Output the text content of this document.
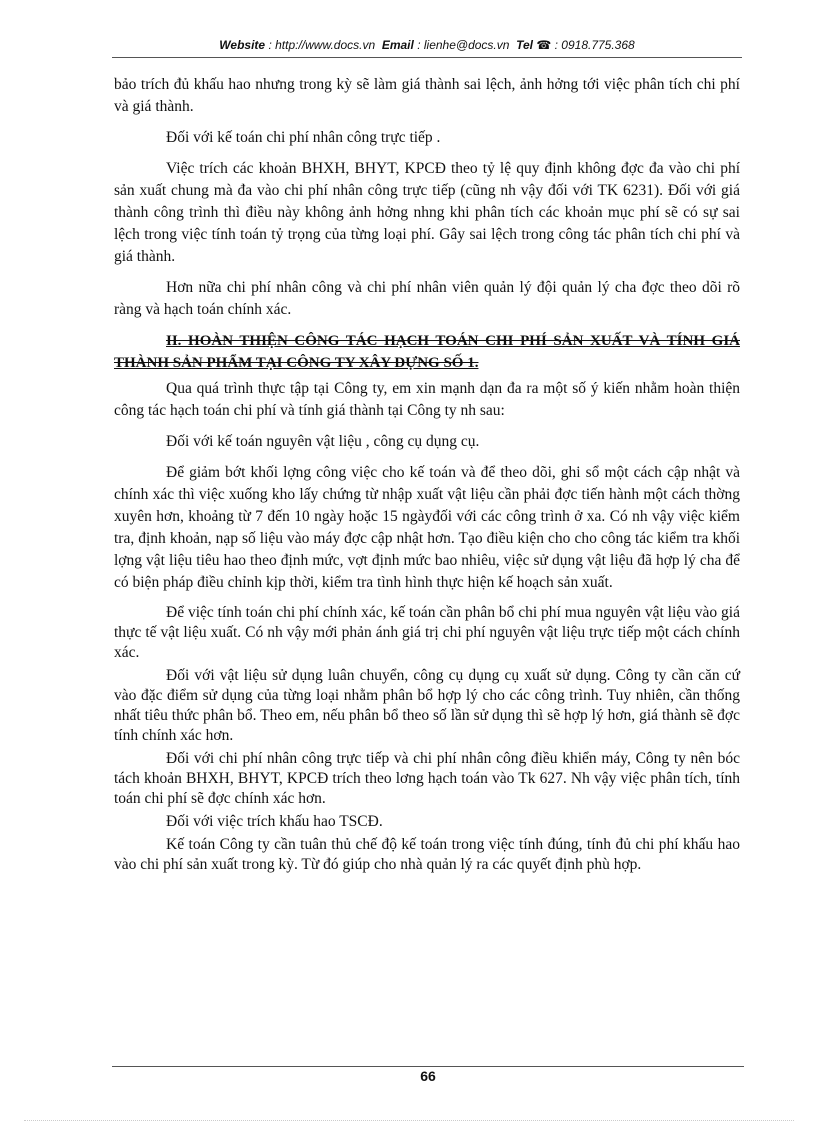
Website : http://www.docs.vn Email : lienhe@docs.vn Tel ☎ : 0918.775.368

bảo trích đủ khấu hao nhưng trong kỳ sẽ làm giá thành sai lệch, ảnh hởng tới việc phân tích chi phí và giá thành.

Đối với kế toán chi phí nhân công trực tiếp .

Việc trích các khoản BHXH, BHYT, KPCĐ theo tỷ lệ quy định không đợc đa vào chi phí sản xuất chung mà đa vào chi phí nhân công trực tiếp (cũng nh vậy đối với TK 6231). Đối với giá thành công trình thì điều này không ảnh hởng nhng khi phân tích các khoản mục phí sẽ có sự sai lệch trong việc tính toán tỷ trọng của từng loại phí. Gây sai lệch trong công tác phân tích chi phí và giá thành.

Hơn nữa chi phí nhân công và chi phí nhân viên quản lý đội quản lý cha đợc theo dõi rõ ràng và hạch toán chính xác.

II. HOÀN THIỆN CÔNG TÁC HẠCH TOÁN CHI PHÍ SẢN XUẤT VÀ TÍNH GIÁ THÀNH SẢN PHẨM TẠI CÔNG TY XÂY DỰNG SỐ 1.

Qua quá trình thực tập tại Công ty, em xin mạnh dạn đa ra một số ý kiến nhằm hoàn thiện công tác hạch toán chi phí và tính giá thành tại Công ty nh sau:

Đối với kế toán nguyên vật liệu , công cụ dụng cụ.

Để giảm bớt khối lợng công việc cho kế toán và để theo dõi, ghi sổ một cách cập nhật và chính xác thì việc xuống kho lấy chứng từ nhập xuất vật liệu cần phải đợc tiến hành một cách thờng xuyên hơn, khoảng từ 7 đến 10 ngày hoặc 15 ngàyđối với các công trình ở xa. Có nh vậy việc kiểm tra, định khoản, nạp số liệu vào máy đợc cập nhật hơn. Tạo điều kiện cho cho công tác kiểm tra khối lợng vật liệu tiêu hao theo định mức, vợt định mức bao nhiêu, việc sử dụng vật liệu đã hợp lý cha để có biện pháp điều chỉnh kịp thời, kiểm tra tình hình thực hiện kế hoạch sản xuất.

Để việc tính toán chi phí chính xác, kế toán cần phân bổ chi phí mua nguyên vật liệu vào giá thực tế vật liệu xuất. Có nh vậy mới phản ánh giá trị chi phí nguyên vật liệu trực tiếp một cách chính xác.

Đối với vật liệu sử dụng luân chuyển, công cụ dụng cụ xuất sử dụng. Công ty cần căn cứ vào đặc điểm sử dụng của từng loại nhằm phân bổ hợp lý cho các công trình. Tuy nhiên, cần thống nhất tiêu thức phân bổ. Theo em, nếu phân bổ theo số lần sử dụng thì sẽ hợp lý hơn, giá thành sẽ đợc tính chính xác hơn.

Đối với chi phí nhân công trực tiếp và chi phí nhân công điều khiển máy, Công ty nên bóc tách khoản BHXH, BHYT, KPCĐ trích theo lơng hạch toán vào Tk 627. Nh vậy việc phân tích, tính toán chi phí sẽ đợc chính xác hơn.

Đối với việc trích khấu hao TSCĐ.

Kế toán Công ty cần tuân thủ chế độ kế toán trong việc tính đúng, tính đủ chi phí khấu hao vào chi phí sản xuất trong kỳ. Từ đó giúp cho nhà quản lý ra các quyết định phù hợp.

66
